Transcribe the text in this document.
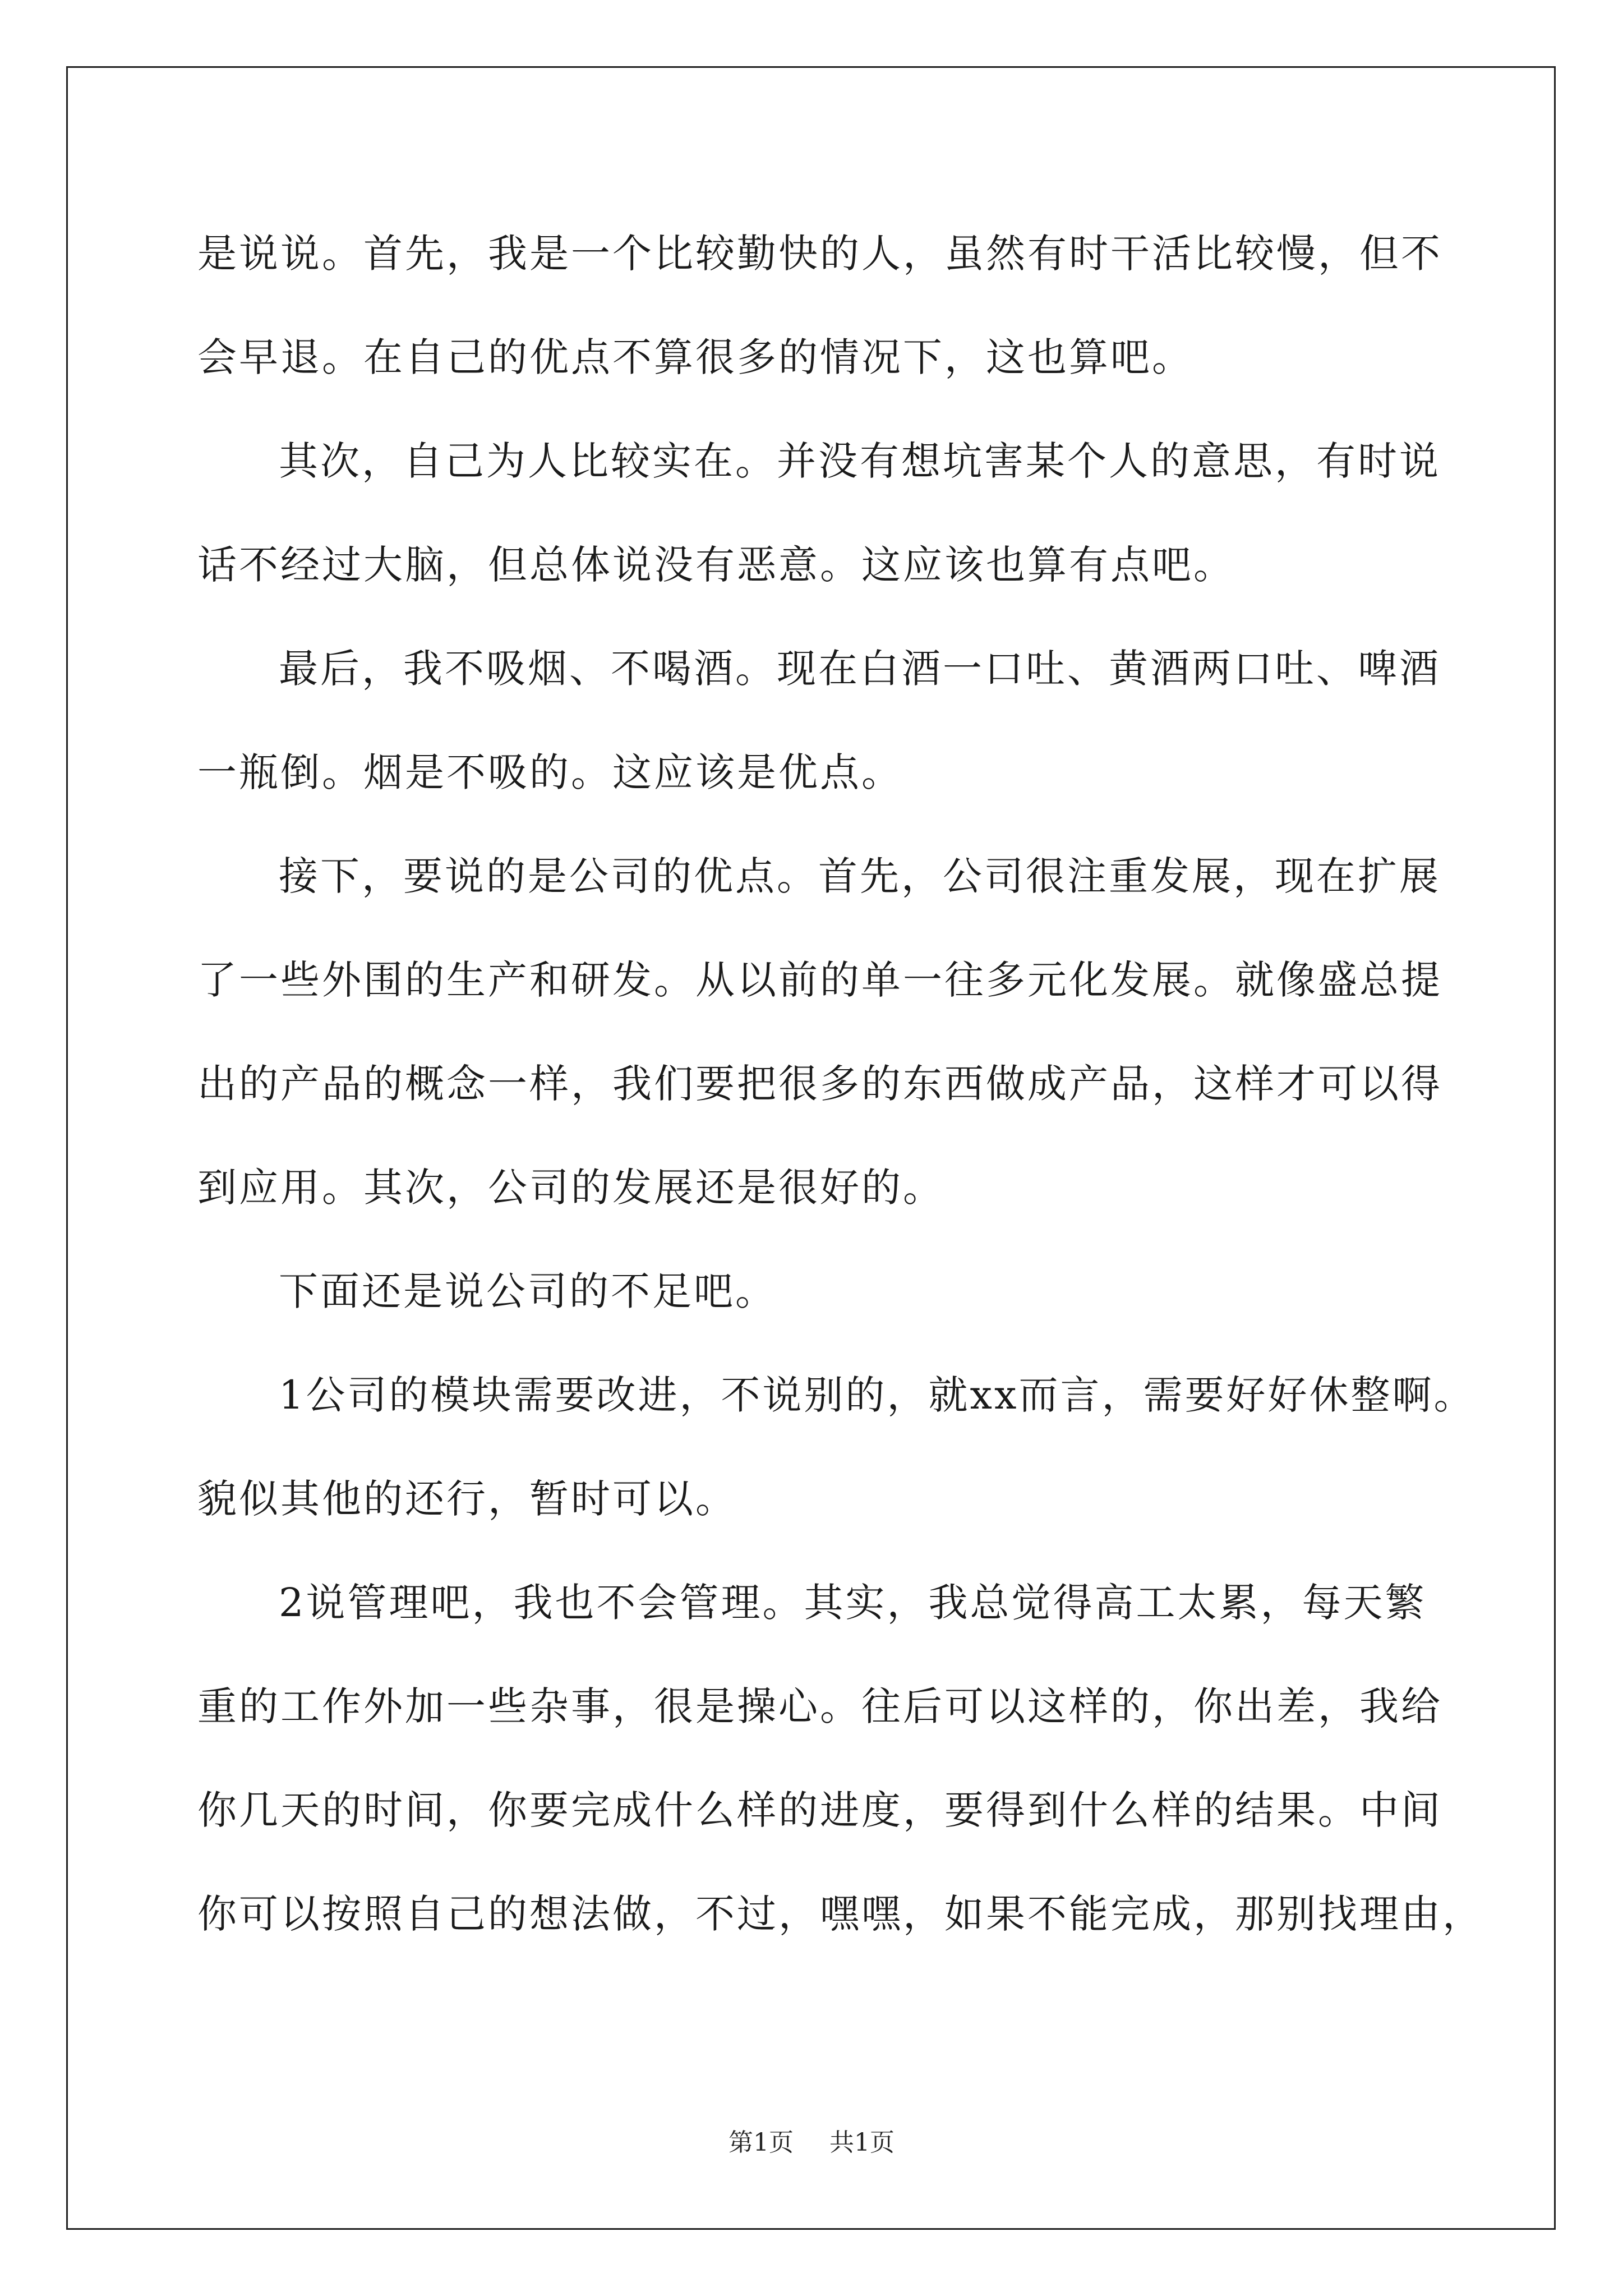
是说说。首先，我是一个比较勤快的人，虽然有时干活比较慢，但不
会早退。在自己的优点不算很多的情况下，这也算吧。
其次，自己为人比较实在。并没有想坑害某个人的意思，有时说
话不经过大脑，但总体说没有恶意。这应该也算有点吧。
最后，我不吸烟、不喝酒。现在白酒一口吐、黄酒两口吐、啤酒
一瓶倒。烟是不吸的。这应该是优点。
接下，要说的是公司的优点。首先，公司很注重发展，现在扩展
了一些外围的生产和研发。从以前的单一往多元化发展。就像盛总提
出的产品的概念一样，我们要把很多的东西做成产品，这样才可以得
到应用。其次，公司的发展还是很好的。
下面还是说公司的不足吧。
1公司的模块需要改进，不说别的，就xx而言，需要好好休整啊。
貌似其他的还行，暂时可以。
2说管理吧，我也不会管理。其实，我总觉得高工太累，每天繁
重的工作外加一些杂事，很是操心。往后可以这样的，你出差，我给
你几天的时间，你要完成什么样的进度，要得到什么样的结果。中间
你可以按照自己的想法做，不过，嘿嘿，如果不能完成，那别找理由，
第1页 共1页
